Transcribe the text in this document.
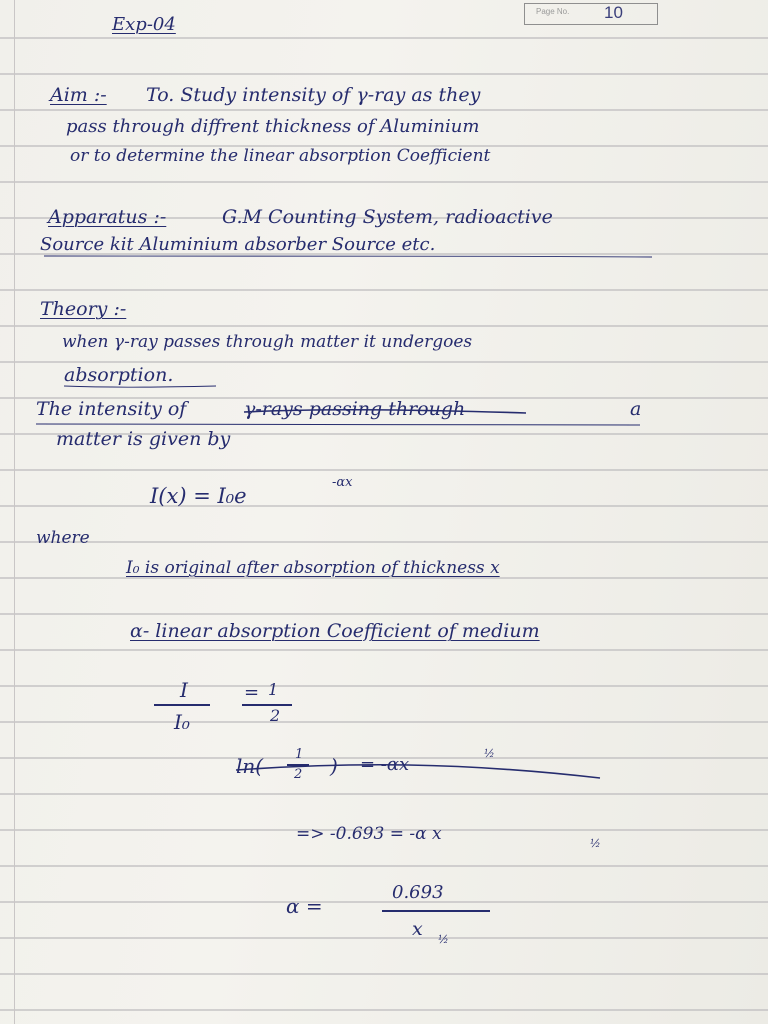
Page No. 10
Exp-04
Aim :- To. Study intensity of γ-ray as they
pass through diffrent thickness of Aluminium
or to determine the linear absorption Coefficient
Apparatus :-	G.M Counting System, radioactive
Source kit Aluminium absorber Source etc.
Theory :-
when γ-ray passes through matter it undergoes
absorption.
The intensity of	γ-rays passing through	a
matter is given by
I(x) = I₀e
-αx
where
I₀ is original after absorption of thickness x
α- linear absorption Coefficient of medium
I
I₀
= 1
2
ln( 1
2 ) = -αx
½
=> -0.693 = -α x	½
α =
0.693
x ½
